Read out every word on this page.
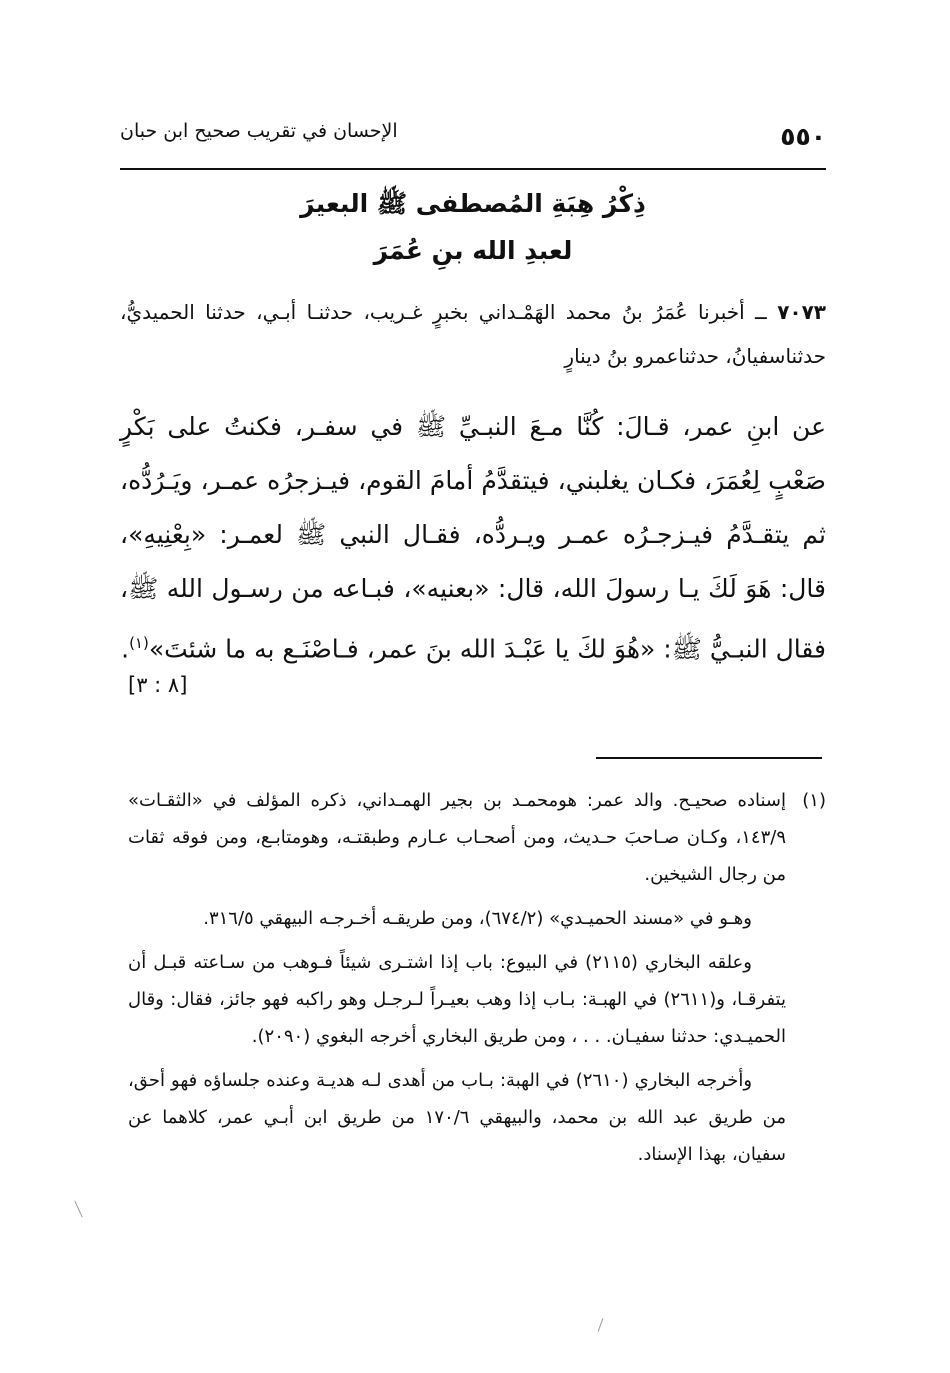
٥٥٠
الإحسان في تقريب صحيح ابن حبان
ذِكْرُ هِبَةِ المُصطفى ﷺ البعيرَ
لعبدِ الله بنِ عُمَرَ
٧٠٧٣ ــ أخبرنا عُمَرُ بنُ محمد الهَمْـداني بخبرٍ غـريب، حدثنـا أبـي، حدثنا الحميديُّ، حدثناسفيانُ، حدثناعمرو بنُ دينارٍ
عن ابنِ عمر، قـالَ: كُنَّا مـعَ النبـيِّ ﷺ في سفـر، فكنتُ على بَكْرٍ صَعْبٍ لِعُمَرَ، فكـان يغلبني، فيتقدَّمُ أمامَ القوم، فيـزجرُه عمـر، ويَـرُدُّه، ثم يتقـدَّمُ فيـزجـرُه عمـر ويـردُّه، فقـال النبي ﷺ لعمـر: «بِعْنِيهِ»، قال: هَوَ لَكَ يـا رسولَ الله، قال: «بعنيه»، فبـاعه من رسـول الله ﷺ، فقال النبـيُّ ﷺ: «هُوَ لكَ يا عَبْـدَ الله بنَ عمر، فـاصْنَـع به ما شئتَ»$^{(١)}$.
[٨ : ٣]
(١)
إسناده صحيـح. والد عمر: هومحمـد بن بجير الهمـداني، ذكره المؤلف في «الثقـات» ١٤٣/٩، وكـان صـاحبَ حـديث، ومن أصحـاب عـارم وطبقتـه، وهومتابـع، ومن فوقه ثقات من رجال الشيخين.
وهـو في «مسند الحميـدي» (٦٧٤/٢)، ومن طريقـه أخـرجـه البيهقي ٣١٦/٥.
وعلقه البخاري (٢١١٥) في البيوع: باب إذا اشتـرى شيئاً فـوهب من سـاعته قبـل أن يتفرقـا، و(٢٦١١) في الهبـة: بـاب إذا وهب بعيـراً لـرجـل وهو راكبه فهو جائز، فقال: وقال الحميـدي: حدثنا سفيـان. . . ، ومن طريق البخاري أخرجه البغوي (٢٠٩٠).
وأخرجه البخاري (٢٦١٠) في الهبة: بـاب من أهدى لـه هديـة وعنده جلساؤه فهو أحق، من طريق عبد الله بن محمد، والبيهقي ١٧٠/٦ من طريق ابن أبـي عمر، كلاهما عن سفيان، بهذا الإسناد.
